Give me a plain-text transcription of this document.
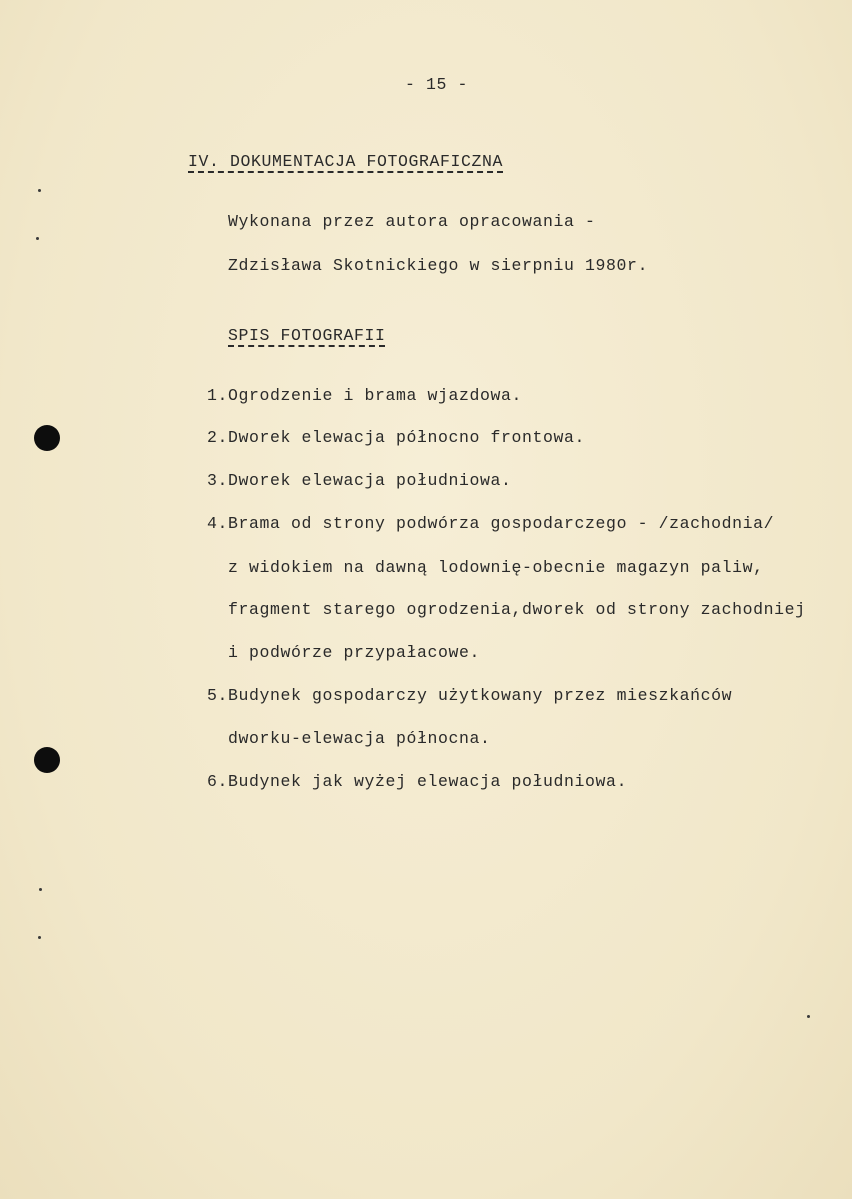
- 15 -
IV. DOKUMENTACJA FOTOGRAFICZNA
Wykonana przez autora opracowania -
Zdzisława Skotnickiego w sierpniu 1980r.
SPIS FOTOGRAFII
1.Ogrodzenie i brama wjazdowa.
2.Dworek elewacja północno frontowa.
3.Dworek elewacja południowa.
4.Brama od strony podwórza gospodarczego - /zachodnia/
z widokiem na dawną lodownię-obecnie magazyn paliw,
fragment starego ogrodzenia,dworek od strony zachodniej
i podwórze przypałacowe.
5.Budynek gospodarczy użytkowany przez mieszkańców
dworku-elewacja północna.
6.Budynek jak wyżej elewacja południowa.
